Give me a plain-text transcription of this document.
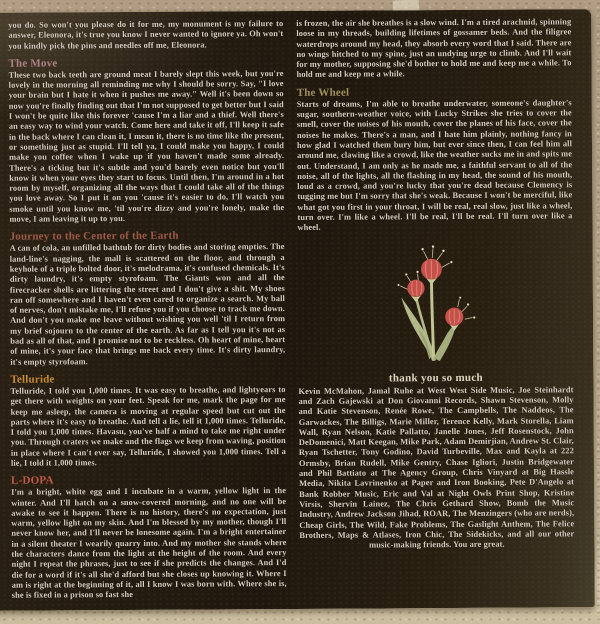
you do. So won't you please do it for me, my monument is my failure to answer, Eleonora, it's true you know I never wanted to ignore ya. Oh won't you kindly pick the pins and needles off me, Eleonora.

The Move

These two back teeth are ground meat I barely slept this week, but you're lovely in the morning all reminding me why I should be sorry. Say, "I love your brain but I hate it when it pushes me away." Well it's been down so now you're finally finding out that I'm not supposed to get better but I said I won't be quite like this forever 'cause I'm a liar and a thief. Well there's an easy way to wind your watch. Come here and take it off, I'll keep it safe in the back where I can clean it, I mean it, there is no time like the present, or something just as stupid. I'll tell ya, I could make you happy, I could make you coffee when I wake up if you haven't made some already. There's a ticking but it's subtle and you'd barely even notice but you'll know it when your eyes they start to focus. Until then, I'm around in a hot room by myself, organizing all the ways that I could take all of the things you love away. So I put it on you 'cause it's easier to do, I'll watch you smoke until you know me, 'til you're dizzy and you're lonely, make the move, I am leaving it up to you.

Journey to the Center of the Earth

A can of cola, an unfilled bathtub for dirty bodies and storing empties. The land-line's nagging, the mall is scattered on the floor, and through a keyhole of a triple bolted door, it's melodrama, it's confused chemicals. It's dirty laundry, it's empty styrofoam. The Giants won and all the firecracker shells are littering the street and I don't give a shit. My shoes ran off somewhere and I haven't even cared to organize a search. My ball of nerves, don't mistake me, I'll refuse you if you choose to track me down. And don't you make me leave without wishing you well 'til I return from my brief sojourn to the center of the earth. As far as I tell you it's not as bad as all of that, and I promise not to be reckless. Oh heart of mine, heart of mine, it's your face that brings me back every time. It's dirty laundry, it's empty styrofoam.

Telluride

Telluride, I told you 1,000 times. It was easy to breathe, and lightyears to get there with weights on your feet. Speak for me, mark the page for me keep me asleep, the camera is moving at regular speed but cut out the parts where it's easy to breathe. And tell a lie, tell it 1,000 times. Telluride, I told you 1,000 times. Havasu, you've half a mind to take me right under you. Through craters we make and the flags we keep from waving, position in place where I can't ever say, Telluride, I showed you 1,000 times. Tell a lie, I told it 1,000 times.

L-DOPA

I'm a bright, white egg and I incubate in a warm, yellow light in the winter. And I'll hatch on a snow-covered morning, and no one will be awake to see it happen. There is no history, there's no expectation, just warm, yellow light on my skin. And I'm blessed by my mother, though I'll never know her, and I'll never be lonesome again. I'm a bright entertainer in a silent theater I wearily quarry into. And my mother she stands where the characters dance from the light at the height of the room. And every night I repeat the phrases, just to see if she predicts the changes. And I'd die for a word if it's all she'd afford but she closes up knowing it. Where I am is right at the beginning of it, all I know I was born with. Where she is, she is fixed in a prison so fast she

is frozen, the air she breathes is a slow wind. I'm a tired arachnid, spinning loose in my threads, building lifetimes of gossamer beds. And the filigree waterdrops around my head, they absorb every word that I said. There are no wings hitched to my spine, just an undying urge to climb. And I'll wait for my mother, supposing she'd bother to hold me and keep me a while. To hold me and keep me a while.

The Wheel

Starts of dreams, I'm able to breathe underwater, someone's daughter's sugar, southern-weather voice, with Lucky Strikes she tries to cover the smell, cover the noises of his mouth, cover the planes of his face, cover the noises he makes. There's a man, and I hate him plainly, nothing fancy in how glad I watched them bury him, but ever since then, I can feel him all around me, clawing like a crowd, like the weather sucks me in and spits me out. Understand, I am only as he made me, a faithful servant to all of the noise, all of the lights, all the flashing in my head, the sound of his mouth, loud as a crowd, and you're lucky that you're dead because Clemency is tugging me but I'm sorry that she's weak. Because I won't be merciful, like what got you first in your throat, I will be real, real slow, just like a wheel, turn over. I'm like a wheel. I'll be real, I'll be real. I'll turn over like a wheel.

thank you so much

Kevin McMahon, Jamal Ruhe at West West Side Music, Joe Steinhardt and Zach Gajewski at Don Giovanni Records, Shawn Stevenson, Molly and Katie Stevenson, Renée Rowe, The Campbells, The Naddeos, The Garwackes, The Billigs, Marie Miller, Terence Kelly, Mark Storella, Liam Wall, Ryan Nelson, Katie Pallatto, Janelle Jones, Jeff Rosenstock, John DeDomenici, Matt Keegan, Mike Park, Adam Demirjian, Andrew St. Clair, Ryan Tschetter, Tony Godino, David Turbeville, Max and Kayla at 222 Ormsby, Brian Rudell, Mike Gentry, Chase Igliori, Justin Bridgewater and Phil Battiato at The Agency Group, Chris Vinyard at Big Hassle Media, Nikita Lavrinenko at Paper and Iron Booking, Pete D'Angelo at Bank Robber Music, Eric and Val at Night Owls Print Shop, Kristine Virsis, Shervin Lainez, The Chris Gethard Show, Bomb the Music Industry, Andrew Jackson Jihad, ROAR, The Menzingers (who are nerds), Cheap Girls, The Wild, Fake Problems, The Gaslight Anthem, The Felice Brothers, Maps & Atlases, Iron Chic, The Sidekicks, and all our other music-making friends. You are great.
